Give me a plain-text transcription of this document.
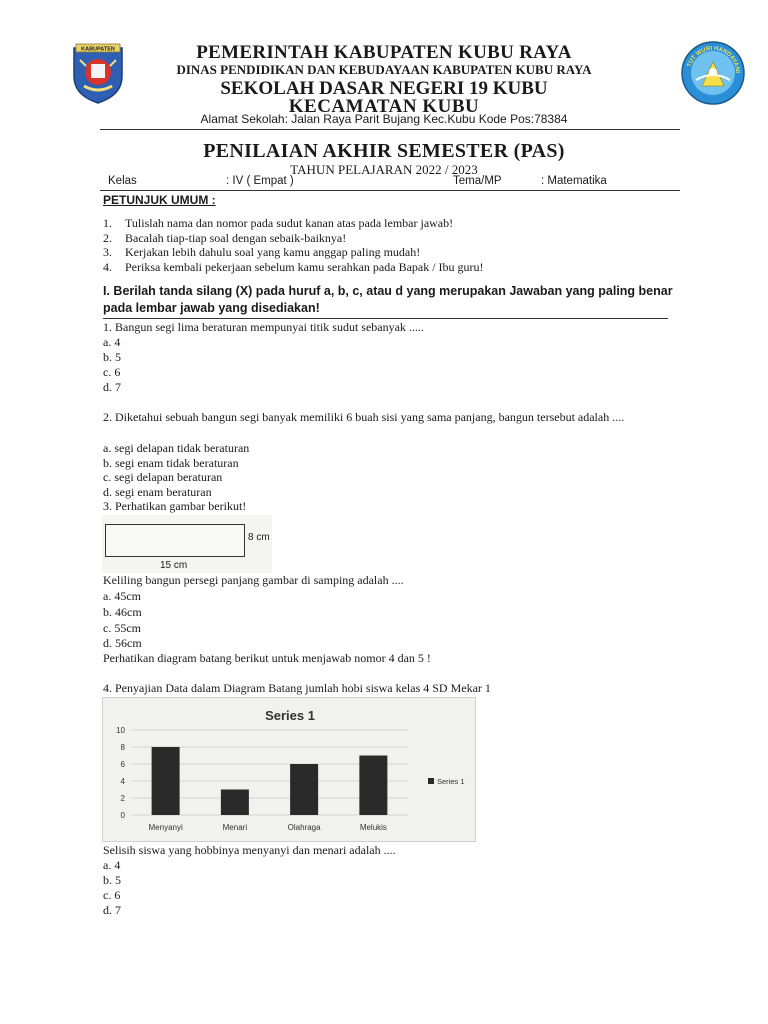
KABUPATEN
TUT WURI HANDAYANI
PEMERINTAH KABUPATEN KUBU RAYA
DINAS PENDIDIKAN DAN KEBUDAYAAN KABUPATEN KUBU RAYA
SEKOLAH DASAR NEGERI 19 KUBU
KECAMATAN KUBU
Alamat Sekolah: Jalan Raya Parit Bujang Kec.Kubu Kode Pos:78384
PENILAIAN AKHIR SEMESTER (PAS)
TAHUN PELAJARAN 2022 / 2023
Kelas	: IV ( Empat )	Tema/MP	: Matematika
PETUNJUK UMUM :
1. Tulislah nama dan nomor pada sudut kanan atas pada lembar jawab!
2. Bacalah tiap-tiap soal dengan sebaik-baiknya!
3. Kerjakan lebih dahulu soal yang kamu anggap paling mudah!
4. Periksa kembali pekerjaan sebelum kamu serahkan pada Bapak / Ibu guru!
I. Berilah tanda silang (X) pada huruf a, b, c, atau d yang merupakan Jawaban yang paling benar pada lembar jawab yang disediakan!
1. Bangun segi lima beraturan mempunyai titik sudut sebanyak .....
a. 4
b. 5
c. 6
d. 7
2. Diketahui sebuah bangun segi banyak memiliki 6 buah sisi yang sama panjang, bangun tersebut adalah ....
a. segi delapan tidak beraturan
b. segi enam tidak beraturan
c. segi delapan beraturan
d. segi enam beraturan
3. Perhatikan gambar berikut!
8 cm
15 cm
Keliling bangun persegi panjang gambar di samping adalah ....
a. 45cm
b. 46cm
c. 55cm
d. 56cm
Perhatikan diagram batang berikut untuk menjawab nomor 4 dan 5 !
4. Penyajian Data dalam Diagram Batang jumlah hobi siswa kelas 4 SD Mekar 1
Series 1
0
2
4
6
8
10
Menyanyi	Menari	Olahraga	Melukis
Series 1
Selisih siswa yang hobbinya menyanyi dan menari adalah ....
a. 4
b. 5
c. 6
d. 7
